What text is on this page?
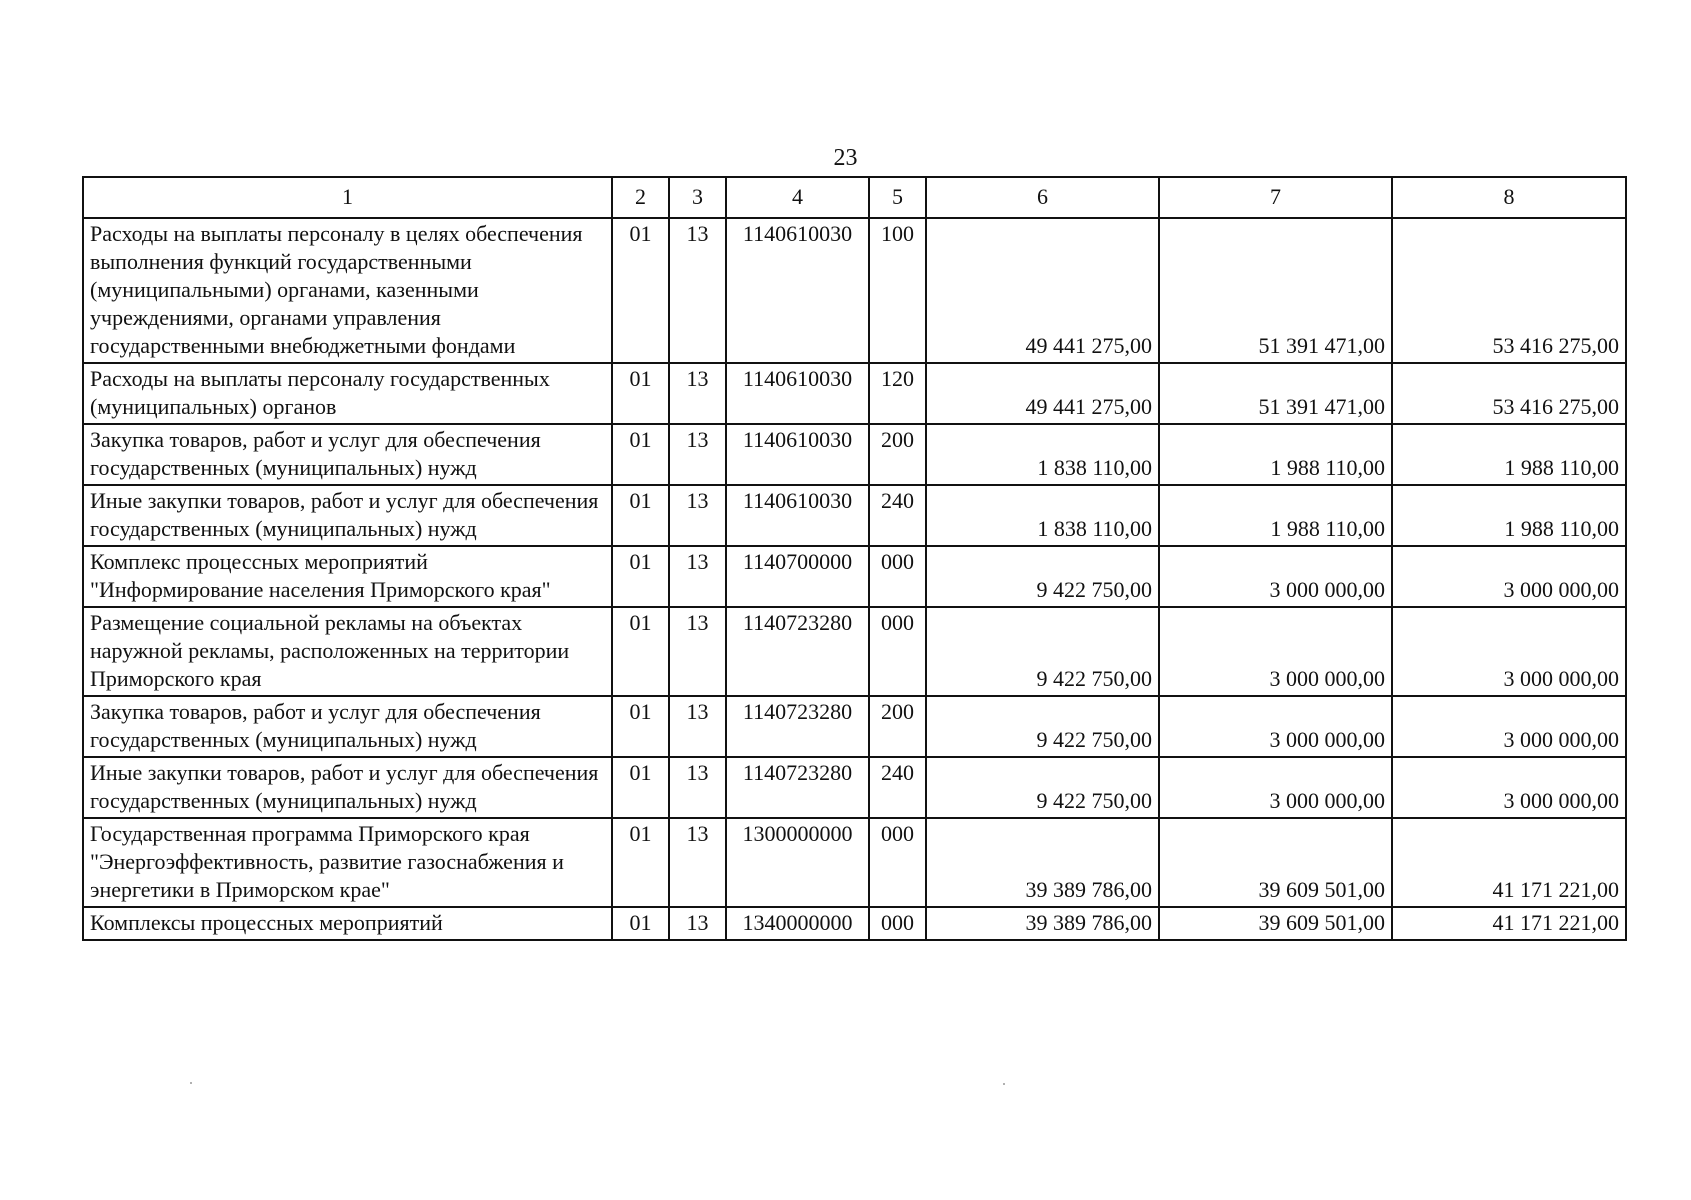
23
1	2	3	4	5	6	7	8
Расходы на выплаты персоналу в целях обеспечения выполнения функций государственными (муниципальными) органами, казенными учреждениями, органами управления государственными внебюджетными фондами	01	13	1140610030	100	49 441 275,00	51 391 471,00	53 416 275,00
Расходы на выплаты персоналу государственных (муниципальных) органов	01	13	1140610030	120	49 441 275,00	51 391 471,00	53 416 275,00
Закупка товаров, работ и услуг для обеспечения государственных (муниципальных) нужд	01	13	1140610030	200	1 838 110,00	1 988 110,00	1 988 110,00
Иные закупки товаров, работ и услуг для обеспечения государственных (муниципальных) нужд	01	13	1140610030	240	1 838 110,00	1 988 110,00	1 988 110,00
Комплекс процессных мероприятий "Информирование населения Приморского края"	01	13	1140700000	000	9 422 750,00	3 000 000,00	3 000 000,00
Размещение социальной рекламы на объектах наружной рекламы, расположенных на территории Приморского края	01	13	1140723280	000	9 422 750,00	3 000 000,00	3 000 000,00
Закупка товаров, работ и услуг для обеспечения государственных (муниципальных) нужд	01	13	1140723280	200	9 422 750,00	3 000 000,00	3 000 000,00
Иные закупки товаров, работ и услуг для обеспечения государственных (муниципальных) нужд	01	13	1140723280	240	9 422 750,00	3 000 000,00	3 000 000,00
Государственная программа Приморского края "Энергоэффективность, развитие газоснабжения и энергетики в Приморском крае"	01	13	1300000000	000	39 389 786,00	39 609 501,00	41 171 221,00
Комплексы процессных мероприятий	01	13	1340000000	000	39 389 786,00	39 609 501,00	41 171 221,00
